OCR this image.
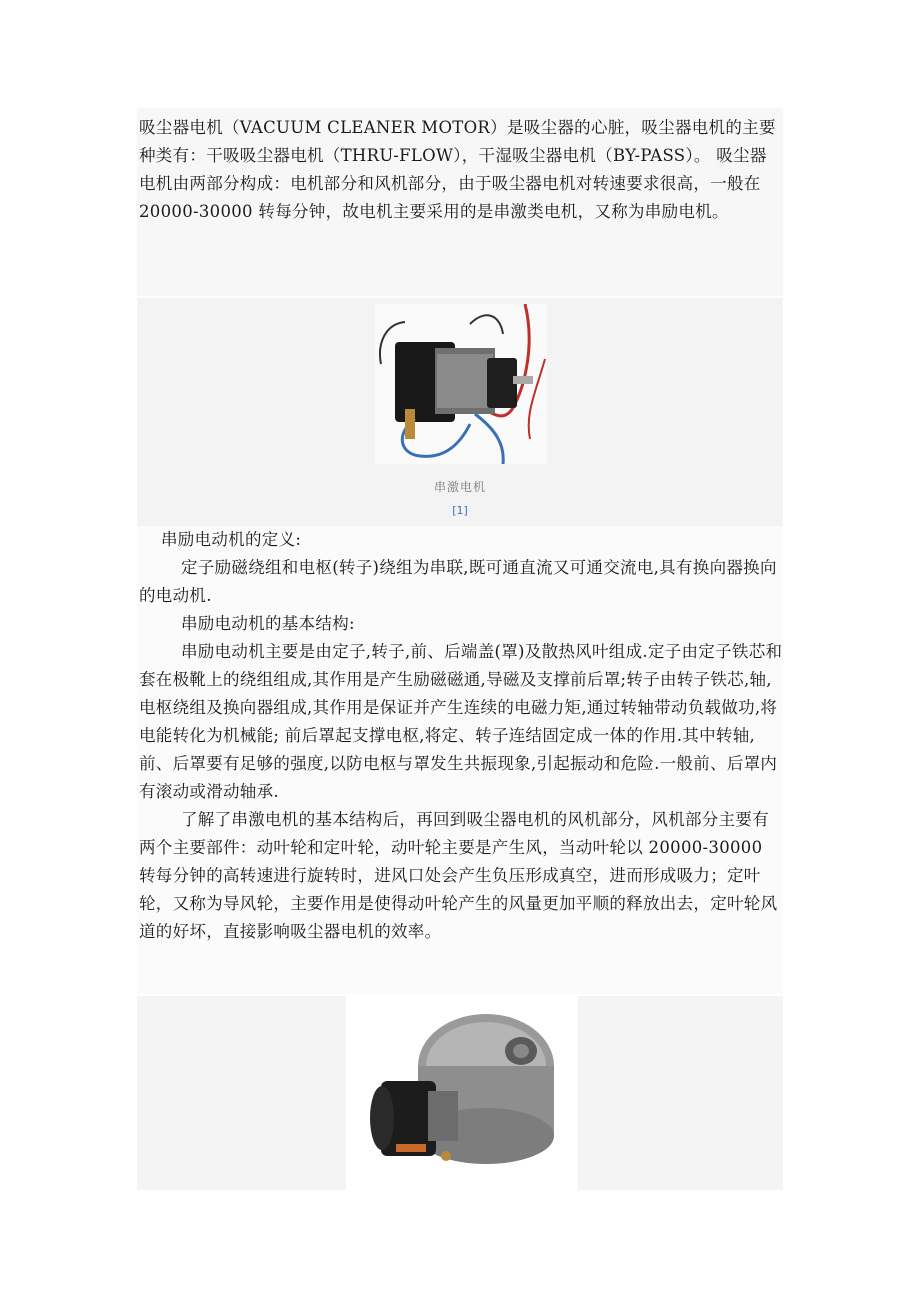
吸尘器电机（VACUUM CLEANER MOTOR）是吸尘器的心脏，吸尘器电机的主要种类有：干吸吸尘器电机（THRU-FLOW），干湿吸尘器电机（BY-PASS）。 吸尘器电机由两部分构成：电机部分和风机部分，由于吸尘器电机对转速要求很高，一般在 20000-30000 转每分钟，故电机主要采用的是串激类电机，又称为串励电机。

串激电机
[1]

串励电动机的定义:

定子励磁绕组和电枢(转子)绕组为串联,既可通直流又可通交流电,具有换向器换向的电动机.

串励电动机的基本结构:

串励电动机主要是由定子,转子,前、后端盖(罩)及散热风叶组成.定子由定子铁芯和套在极靴上的绕组组成,其作用是产生励磁磁通,导磁及支撑前后罩;转子由转子铁芯,轴,电枢绕组及换向器组成,其作用是保证并产生连续的电磁力矩,通过转轴带动负载做功,将电能转化为机械能; 前后罩起支撑电枢,将定、转子连结固定成一体的作用.其中转轴,前、后罩要有足够的强度,以防电枢与罩发生共振现象,引起振动和危险.一般前、后罩内有滚动或滑动轴承.

了解了串激电机的基本结构后，再回到吸尘器电机的风机部分，风机部分主要有两个主要部件：动叶轮和定叶轮，动叶轮主要是产生风，当动叶轮以 20000-30000 转每分钟的高转速进行旋转时，进风口处会产生负压形成真空，进而形成吸力；定叶轮，又称为导风轮，主要作用是使得动叶轮产生的风量更加平顺的释放出去，定叶轮风道的好坏，直接影响吸尘器电机的效率。
